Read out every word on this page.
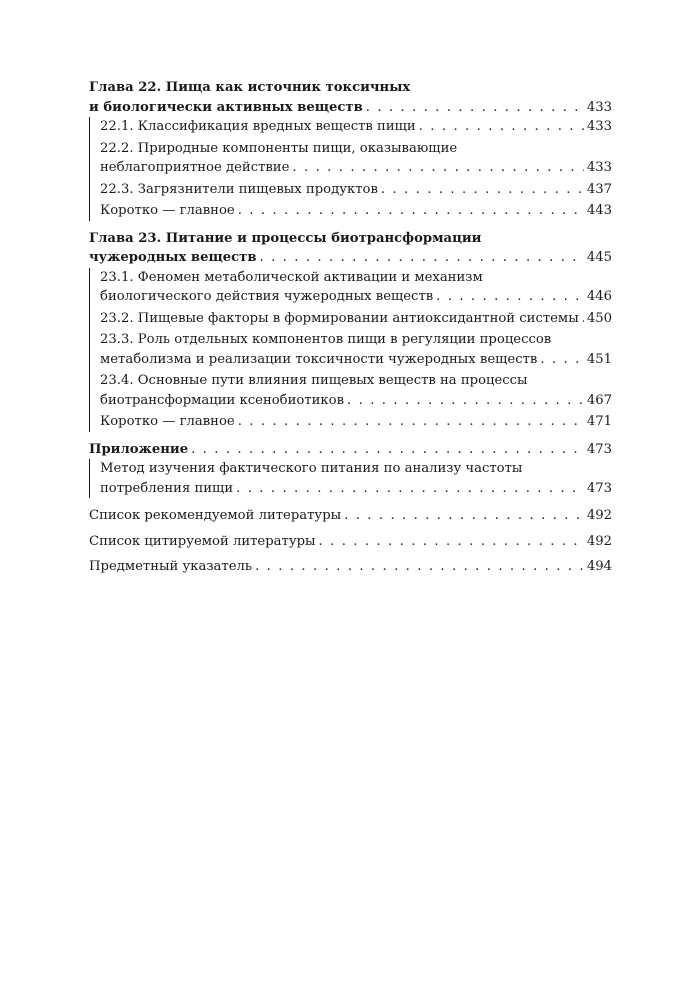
Глава 22. Пища как источник токсичных
и биологически активных веществ . . .	433
22.1. Классификация вредных веществ пищи . . .	433
22.2. Природные компоненты пищи, оказывающие
неблагоприятное действие . . .	433
22.3. Загрязнители пищевых продуктов . . .	437
Коротко — главное . . .	443
Глава 23. Питание и процессы биотрансформации
чужеродных веществ . . .	445
23.1. Феномен метаболической активации и механизм
биологического действия чужеродных веществ . . .	446
23.2. Пищевые факторы в формировании антиоксидантной системы . . . 450
23.3. Роль отдельных компонентов пищи в регуляции процессов
метаболизма и реализации токсичности чужеродных веществ . . .	451
23.4. Основные пути влияния пищевых веществ на процессы
биотрансформации ксенобиотиков . . .	467
Коротко — главное . . .	471
Приложение . . .	473
Метод изучения фактического питания по анализу частоты
потребления пищи . . .	473
Список рекомендуемой литературы . . .	492
Список цитируемой литературы . . .	492
Предметный указатель . . .	494
